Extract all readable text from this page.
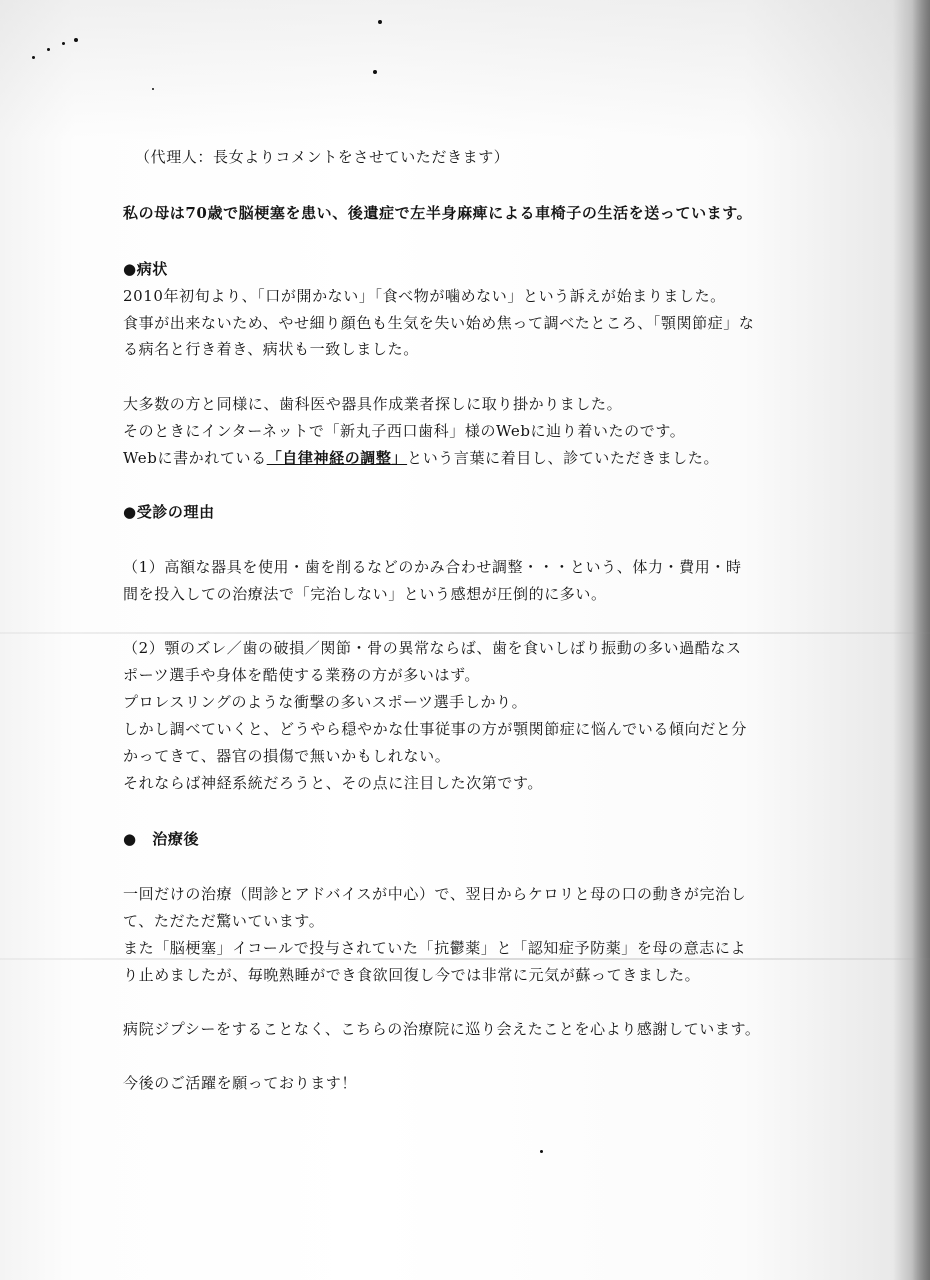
（代理人：長女よりコメントをさせていただきます）
私の母は70歳で脳梗塞を患い、後遺症で左半身麻痺による車椅子の生活を送っています。
●病状
2010年初旬より、「口が開かない」「食べ物が噛めない」という訴えが始まりました。
食事が出来ないため、やせ細り顔色も生気を失い始め焦って調べたところ、「顎関節症」な
る病名と行き着き、病状も一致しました。
大多数の方と同様に、歯科医や器具作成業者探しに取り掛かりました。
そのときにインターネットで「新丸子西口歯科」様のWebに辿り着いたのです。
Webに書かれている「自律神経の調整」という言葉に着目し、診ていただきました。
●受診の理由
（1）高額な器具を使用・歯を削るなどのかみ合わせ調整・・・という、体力・費用・時
間を投入しての治療法で「完治しない」という感想が圧倒的に多い。
（2）顎のズレ／歯の破損／関節・骨の異常ならば、歯を食いしばり振動の多い過酷なス
ポーツ選手や身体を酷使する業務の方が多いはず。
プロレスリングのような衝撃の多いスポーツ選手しかり。
しかし調べていくと、どうやら穏やかな仕事従事の方が顎関節症に悩んでいる傾向だと分
かってきて、器官の損傷で無いかもしれない。
それならば神経系統だろうと、その点に注目した次第です。
●　治療後
一回だけの治療（問診とアドバイスが中心）で、翌日からケロリと母の口の動きが完治し
て、ただただ驚いています。
また「脳梗塞」イコールで投与されていた「抗鬱薬」と「認知症予防薬」を母の意志によ
り止めましたが、毎晩熟睡ができ食欲回復し今では非常に元気が蘇ってきました。
病院ジプシーをすることなく、こちらの治療院に巡り会えたことを心より感謝しています。
今後のご活躍を願っております！
